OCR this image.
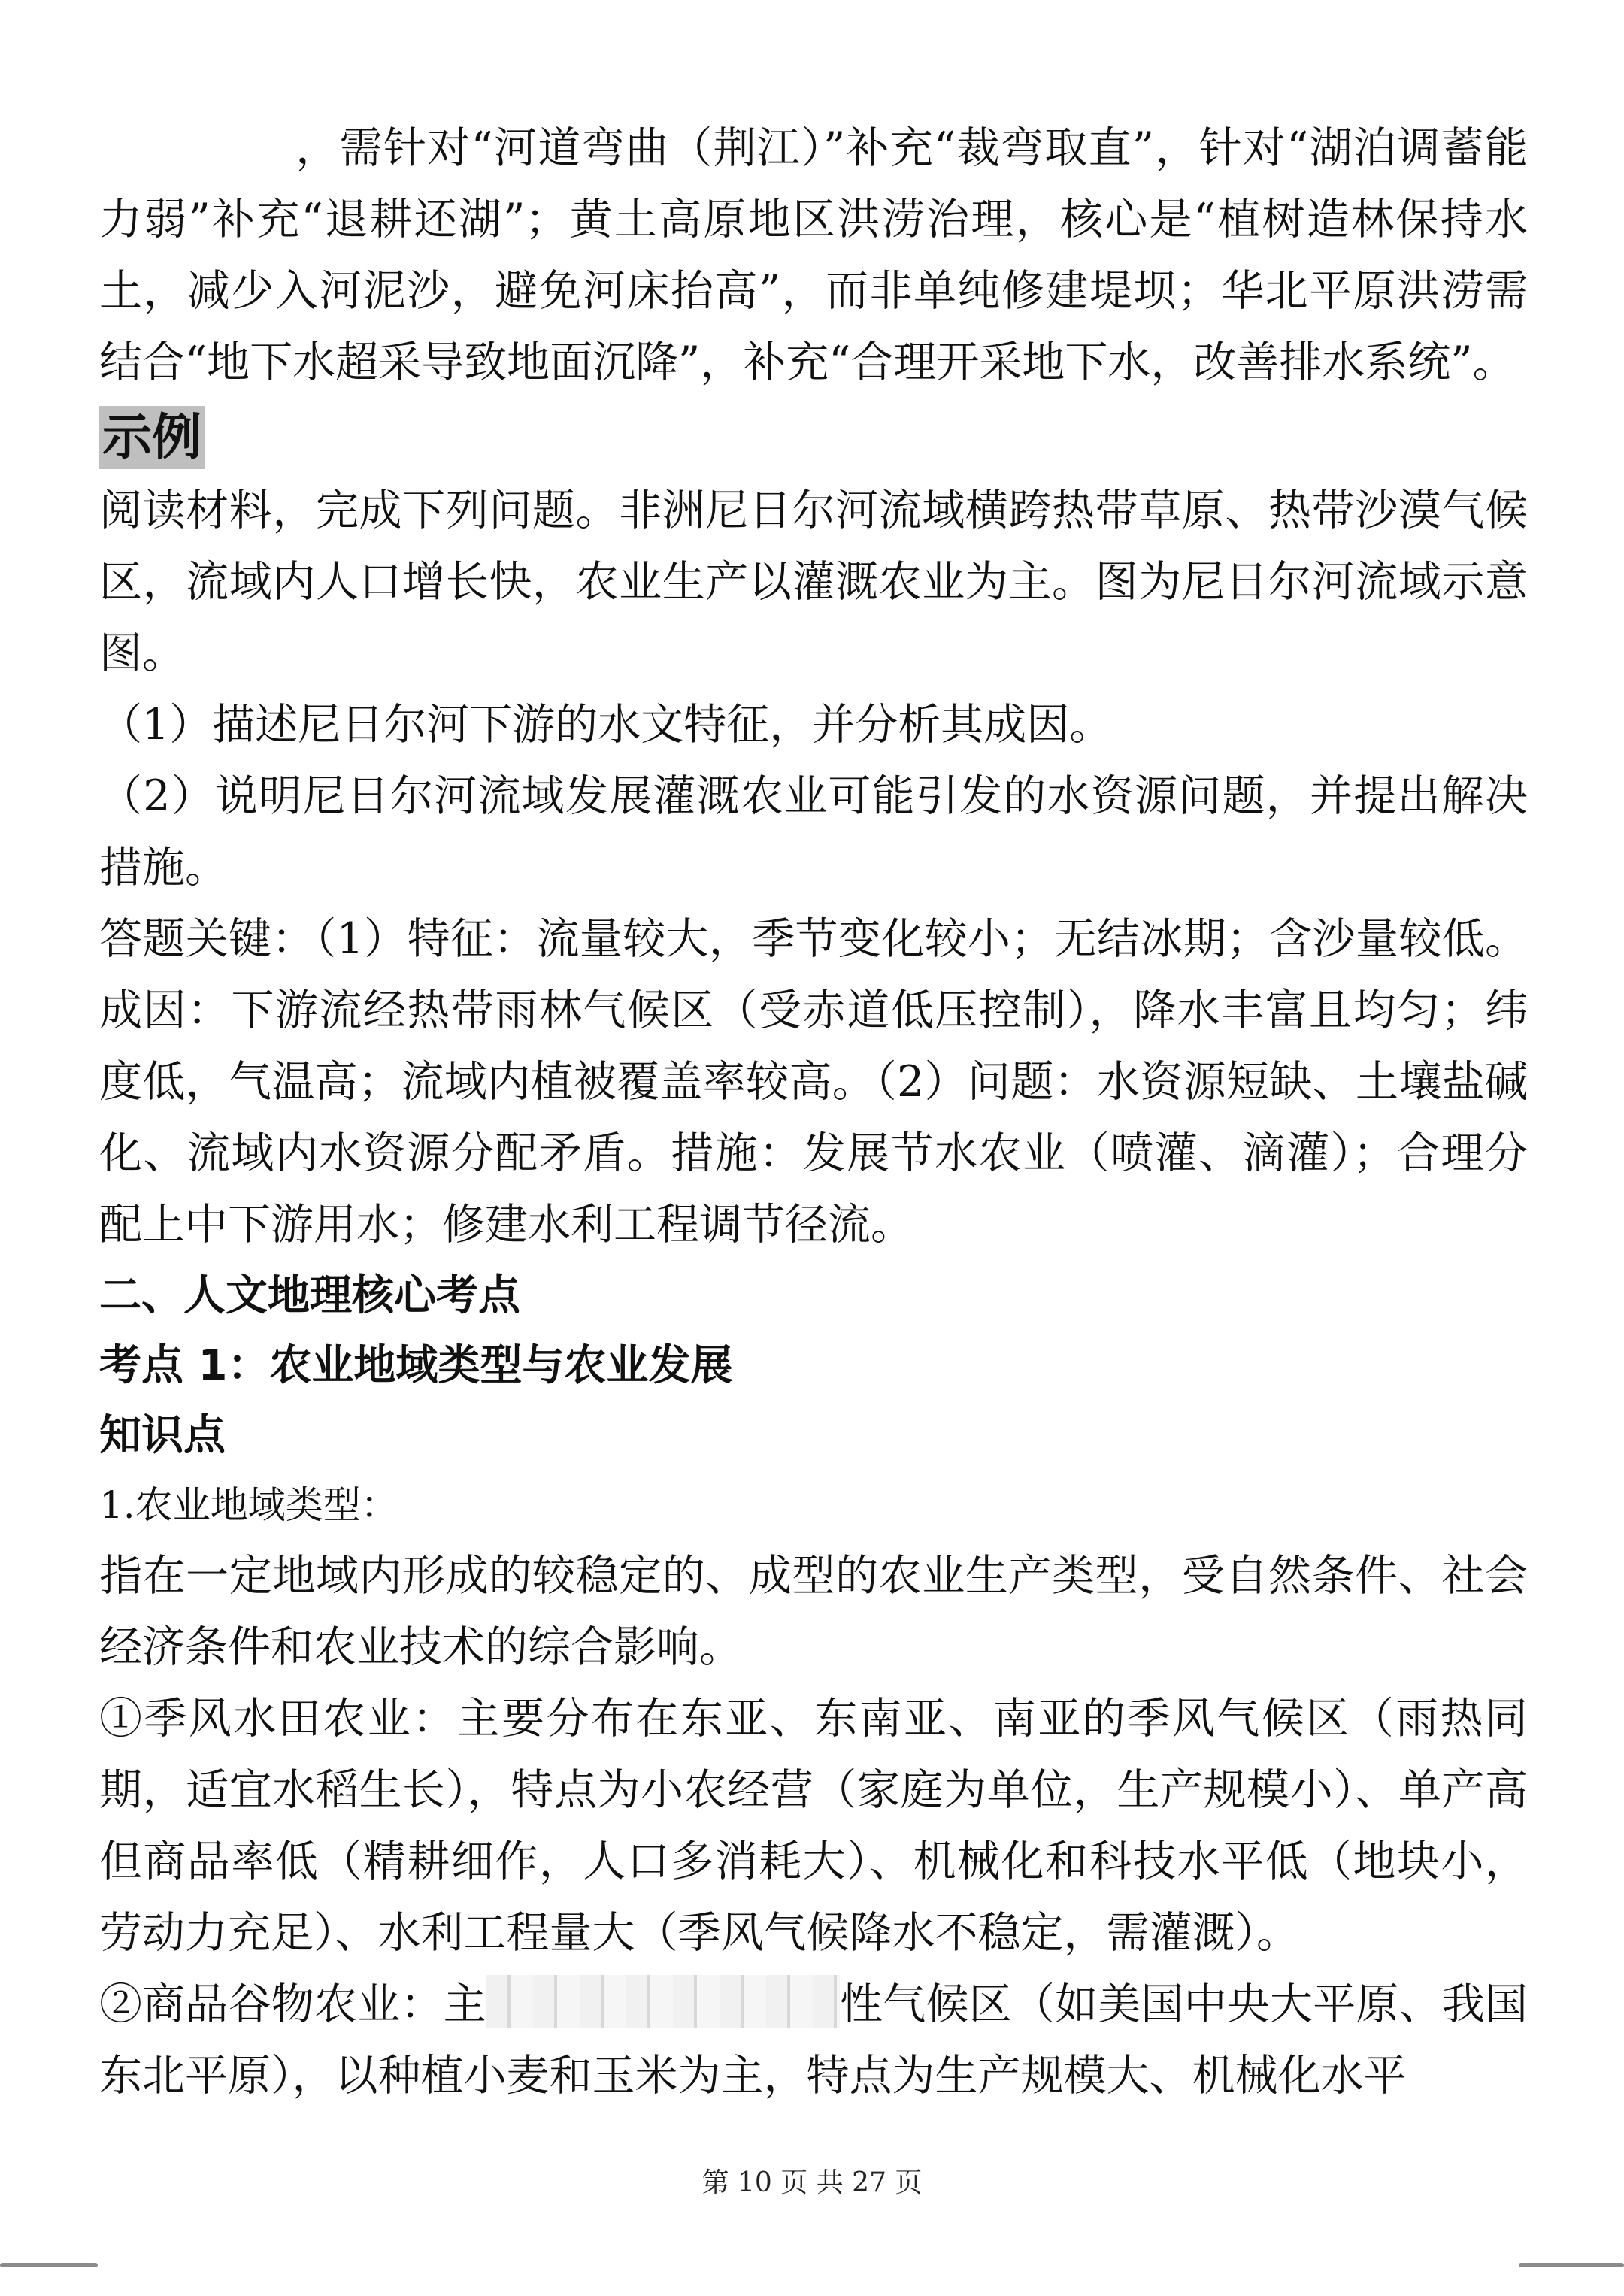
，需针对“河道弯曲（荆江）”补充“裁弯取直”，针对“湖泊调蓄能力弱”补充“退耕还湖”；黄土高原地区洪涝治理，核心是“植树造林保持水土，减少入河泥沙，避免河床抬高”，而非单纯修建堤坝；华北平原洪涝需结合“地下水超采导致地面沉降”，补充“合理开采地下水，改善排水系统”。

示例

阅读材料，完成下列问题。非洲尼日尔河流域横跨热带草原、热带沙漠气候区，流域内人口增长快，农业生产以灌溉农业为主。图为尼日尔河流域示意图。

（1）描述尼日尔河下游的水文特征，并分析其成因。

（2）说明尼日尔河流域发展灌溉农业可能引发的水资源问题，并提出解决措施。

答题关键：（1）特征：流量较大，季节变化较小；无结冰期；含沙量较低。成因：下游流经热带雨林气候区（受赤道低压控制），降水丰富且均匀；纬度低，气温高；流域内植被覆盖率较高。（2）问题：水资源短缺、土壤盐碱化、流域内水资源分配矛盾。措施：发展节水农业（喷灌、滴灌）；合理分配上中下游用水；修建水利工程调节径流。

二、人文地理核心考点

考点 1：农业地域类型与农业发展

知识点

1.农业地域类型：

指在一定地域内形成的较稳定的、成型的农业生产类型，受自然条件、社会经济条件和农业技术的综合影响。

①季风水田农业：主要分布在东亚、东南亚、南亚的季风气候区（雨热同期，适宜水稻生长），特点为小农经营（家庭为单位，生产规模小）、单产高但商品率低（精耕细作，人口多消耗大）、机械化和科技水平低（地块小，劳动力充足）、水利工程量大（季风气候降水不稳定，需灌溉）。

②商品谷物农业：主	性气候区（如美国中央大平原、我国东北平原），以种植小麦和玉米为主，特点为生产规模大、机械化水平

第 10 页 共 27 页
